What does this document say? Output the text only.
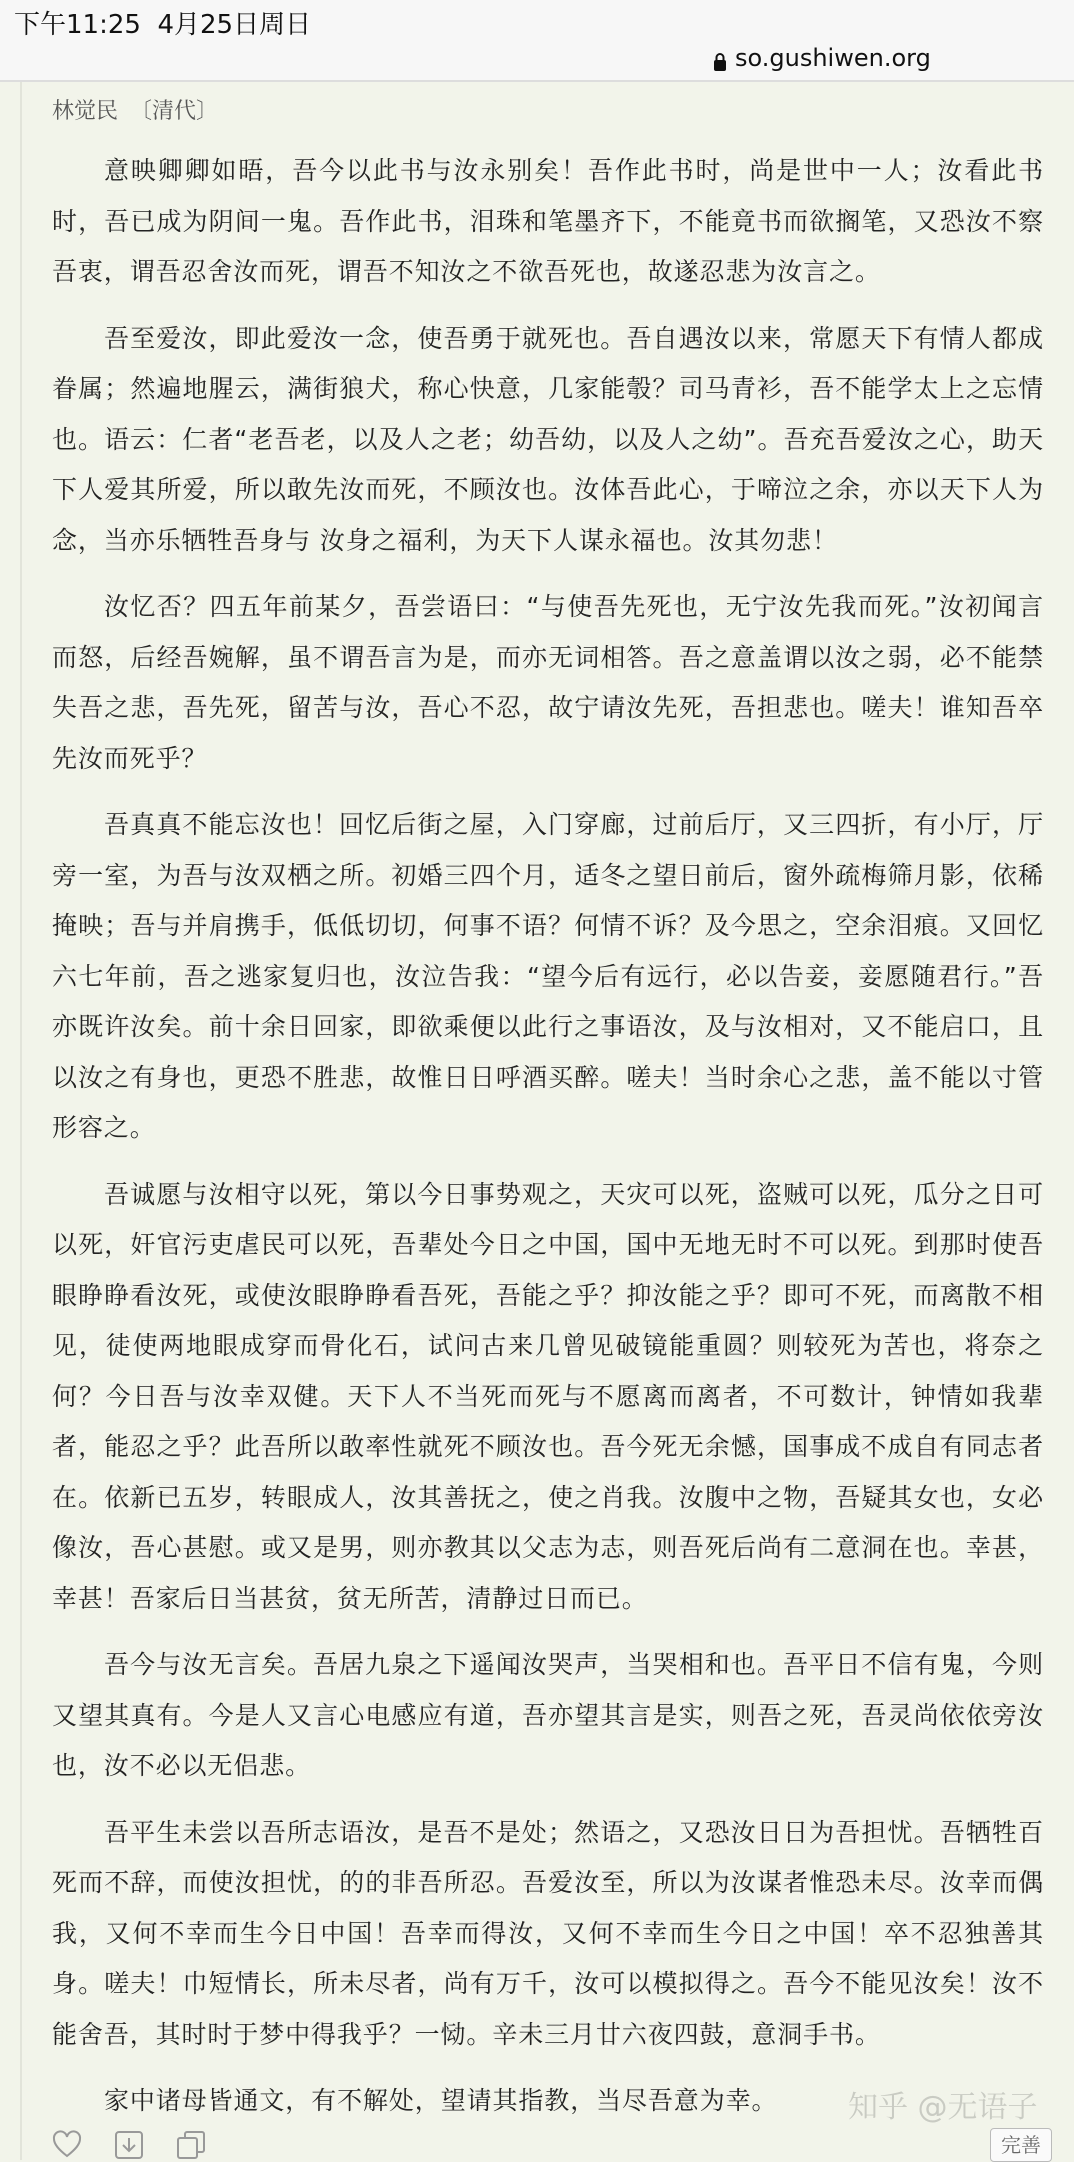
下午11:25 4月25日周日
so.gushiwen.org
林觉民 〔清代〕

意映卿卿如晤，吾今以此书与汝永别矣！吾作此书时，尚是世中一人；汝看此书时，吾已成为阴间一鬼。吾作此书，泪珠和笔墨齐下，不能竟书而欲搁笔，又恐汝不察吾衷，谓吾忍舍汝而死，谓吾不知汝之不欲吾死也，故遂忍悲为汝言之。

吾至爱汝，即此爱汝一念，使吾勇于就死也。吾自遇汝以来，常愿天下有情人都成眷属；然遍地腥云，满街狼犬，称心快意，几家能彀？司马青衫，吾不能学太上之忘情也。语云：仁者“老吾老，以及人之老；幼吾幼，以及人之幼”。吾充吾爱汝之心，助天下人爱其所爱，所以敢先汝而死，不顾汝也。汝体吾此心，于啼泣之余，亦以天下人为念，当亦乐牺牲吾身与 汝身之福利，为天下人谋永福也。汝其勿悲！

汝忆否？四五年前某夕，吾尝语曰：“与使吾先死也，无宁汝先我而死。”汝初闻言而怒，后经吾婉解，虽不谓吾言为是，而亦无词相答。吾之意盖谓以汝之弱，必不能禁失吾之悲，吾先死，留苦与汝，吾心不忍，故宁请汝先死，吾担悲也。嗟夫！谁知吾卒先汝而死乎？

吾真真不能忘汝也！回忆后街之屋，入门穿廊，过前后厅，又三四折，有小厅，厅旁一室，为吾与汝双栖之所。初婚三四个月，适冬之望日前后，窗外疏梅筛月影，依稀掩映；吾与并肩携手，低低切切，何事不语？何情不诉？及今思之，空余泪痕。又回忆六七年前，吾之逃家复归也，汝泣告我：“望今后有远行，必以告妾，妾愿随君行。”吾亦既许汝矣。前十余日回家，即欲乘便以此行之事语汝，及与汝相对，又不能启口，且以汝之有身也，更恐不胜悲，故惟日日呼酒买醉。嗟夫！当时余心之悲，盖不能以寸管形容之。

吾诚愿与汝相守以死，第以今日事势观之，天灾可以死，盗贼可以死，瓜分之日可以死，奸官污吏虐民可以死，吾辈处今日之中国，国中无地无时不可以死。到那时使吾眼睁睁看汝死，或使汝眼睁睁看吾死，吾能之乎？抑汝能之乎？即可不死，而离散不相见，徒使两地眼成穿而骨化石，试问古来几曾见破镜能重圆？则较死为苦也，将奈之何？今日吾与汝幸双健。天下人不当死而死与不愿离而离者，不可数计，钟情如我辈者，能忍之乎？此吾所以敢率性就死不顾汝也。吾今死无余憾，国事成不成自有同志者在。依新已五岁，转眼成人，汝其善抚之，使之肖我。汝腹中之物，吾疑其女也，女必像汝，吾心甚慰。或又是男，则亦教其以父志为志，则吾死后尚有二意洞在也。幸甚，幸甚！吾家后日当甚贫，贫无所苦，清静过日而已。

吾今与汝无言矣。吾居九泉之下遥闻汝哭声，当哭相和也。吾平日不信有鬼，今则又望其真有。今是人又言心电感应有道，吾亦望其言是实，则吾之死，吾灵尚依依旁汝也，汝不必以无侣悲。

吾平生未尝以吾所志语汝，是吾不是处；然语之，又恐汝日日为吾担忧。吾牺牲百死而不辞，而使汝担忧，的的非吾所忍。吾爱汝至，所以为汝谋者惟恐未尽。汝幸而偶我，又何不幸而生今日中国！吾幸而得汝，又何不幸而生今日之中国！卒不忍独善其身。嗟夫！巾短情长，所未尽者，尚有万千，汝可以模拟得之。吾今不能见汝矣！汝不能舍吾，其时时于梦中得我乎？一恸。辛未三月廿六夜四鼓，意洞手书。

家中诸母皆通文，有不解处，望请其指教，当尽吾意为幸。	知乎 @无语子
完善
